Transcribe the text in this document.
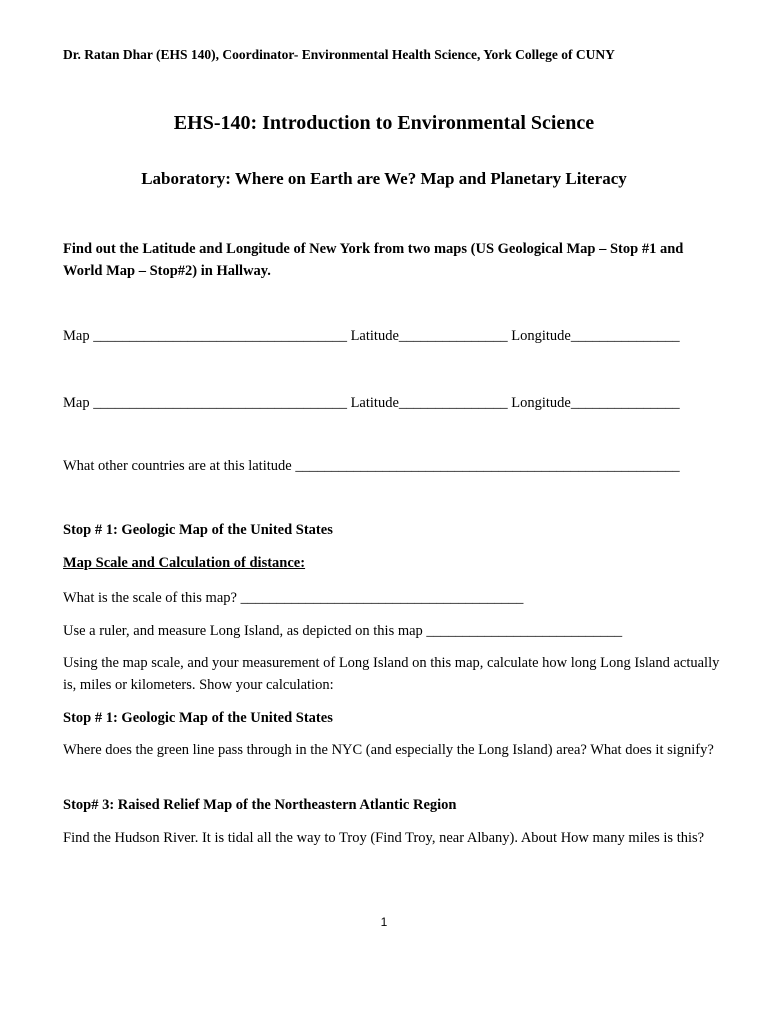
Dr. Ratan Dhar (EHS 140), Coordinator- Environmental Health Science, York College of CUNY
EHS-140: Introduction to Environmental Science
Laboratory: Where on Earth are We? Map and Planetary Literacy
Find out the Latitude and Longitude of New York from two maps (US Geological Map – Stop #1 and World Map – Stop#2) in Hallway.
Map ___________________________________ Latitude_______________ Longitude_______________
Map ___________________________________ Latitude_______________ Longitude_______________
What other countries are at this latitude _____________________________________________________
Stop # 1: Geologic Map of the United States
Map Scale and Calculation of distance:
What is the scale of this map? _______________________________________
Use a ruler, and measure Long Island, as depicted on this map ___________________________
Using the map scale, and your measurement of Long Island on this map, calculate how long Long Island actually is, miles or kilometers. Show your calculation:
Stop # 1: Geologic Map of the United States
Where does the green line pass through in the NYC (and especially the Long Island) area? What does it signify?
Stop# 3: Raised Relief Map of the Northeastern Atlantic Region
Find the Hudson River. It is tidal all the way to Troy (Find Troy, near Albany). About How many miles is this?
1
